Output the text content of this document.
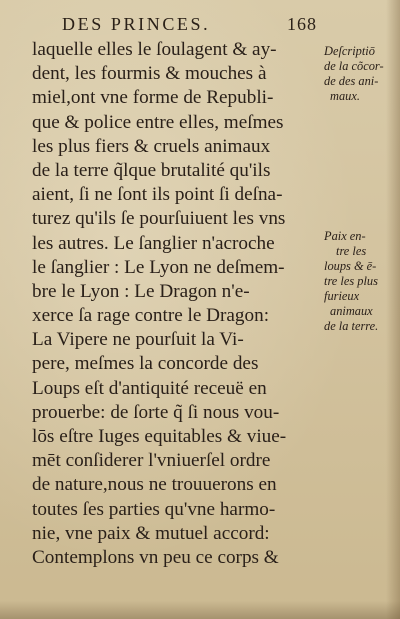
DES PRINCES.	168
laquelle elles le ſoulagent & ay-
dent, les fourmis & mouches à
miel,ont vne forme de Republi-
que & police entre elles, meſmes
les plus fiers & cruels animaux
de la terre q̃lque brutalité qu'ils
aient, ſi ne ſont ils point ſi deſna-
turez qu'ils ſe pourſuiuent les vns
les autres. Le ſanglier n'acroche
le ſanglier : Le Lyon ne deſmem-
bre le Lyon : Le Dragon n'e-
xerce ſa rage contre le Dragon:
La Vipere ne pourſuit la Vi-
pere, meſmes la concorde des
Loups eſt d'antiquité receuë en
prouerbe: de ſorte q̃ ſi nous vou-
lōs eſtre Iuges equitables & viue-
mēt conſiderer l'vniuerſel ordre
de nature,nous ne trouuerons en
toutes ſes parties qu'vne harmo-
nie, vne paix & mutuel accord:
Contemplons vn peu ce corps &
Deſcriptiō
de la cõcor-
de des ani-
maux.
Paix en-
tre les
loups & ē-
tre les plus
furieux
animaux
de la terre.
